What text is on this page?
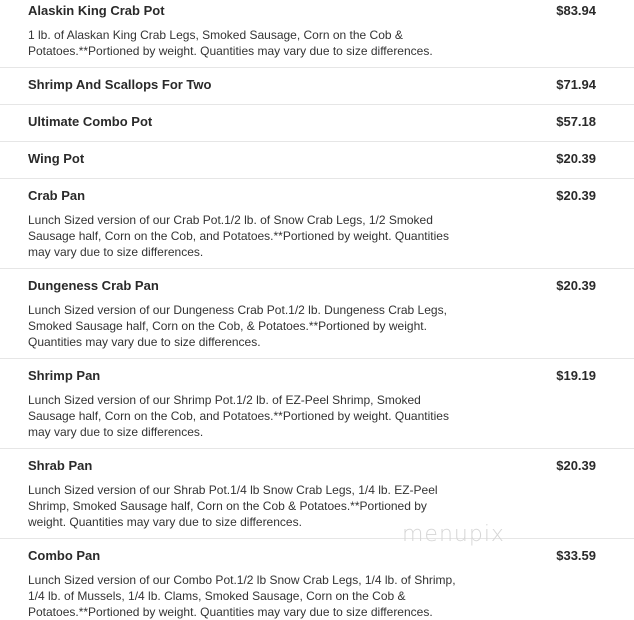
$83.94
Alaskin King Crab Pot
1 lb. of Alaskan King Crab Legs, Smoked Sausage, Corn on the Cob & Potatoes.**Portioned by weight. Quantities may vary due to size differences.
$71.94
Shrimp And Scallops For Two
$57.18
Ultimate Combo Pot
$20.39
Wing Pot
$20.39
Crab Pan
Lunch Sized version of our Crab Pot.1/2 lb. of Snow Crab Legs, 1/2 Smoked Sausage half, Corn on the Cob, and Potatoes.**Portioned by weight. Quantities may vary due to size differences.
$20.39
Dungeness Crab Pan
Lunch Sized version of our Dungeness Crab Pot.1/2 lb. Dungeness Crab Legs, Smoked Sausage half, Corn on the Cob, & Potatoes.**Portioned by weight. Quantities may vary due to size differences.
$19.19
Shrimp Pan
Lunch Sized version of our Shrimp Pot.1/2 lb. of EZ-Peel Shrimp, Smoked Sausage half, Corn on the Cob, and Potatoes.**Portioned by weight. Quantities may vary due to size differences.
$20.39
Shrab Pan
Lunch Sized version of our Shrab Pot.1/4 lb Snow Crab Legs, 1/4 lb. EZ-Peel Shrimp, Smoked Sausage half, Corn on the Cob & Potatoes.**Portioned by weight. Quantities may vary due to size differences.
$33.59
Combo Pan
Lunch Sized version of our Combo Pot.1/2 lb Snow Crab Legs, 1/4 lb. of Shrimp, 1/4 lb. of Mussels, 1/4 lb. Clams, Smoked Sausage, Corn on the Cob & Potatoes.**Portioned by weight. Quantities may vary due to size differences.
menupix
